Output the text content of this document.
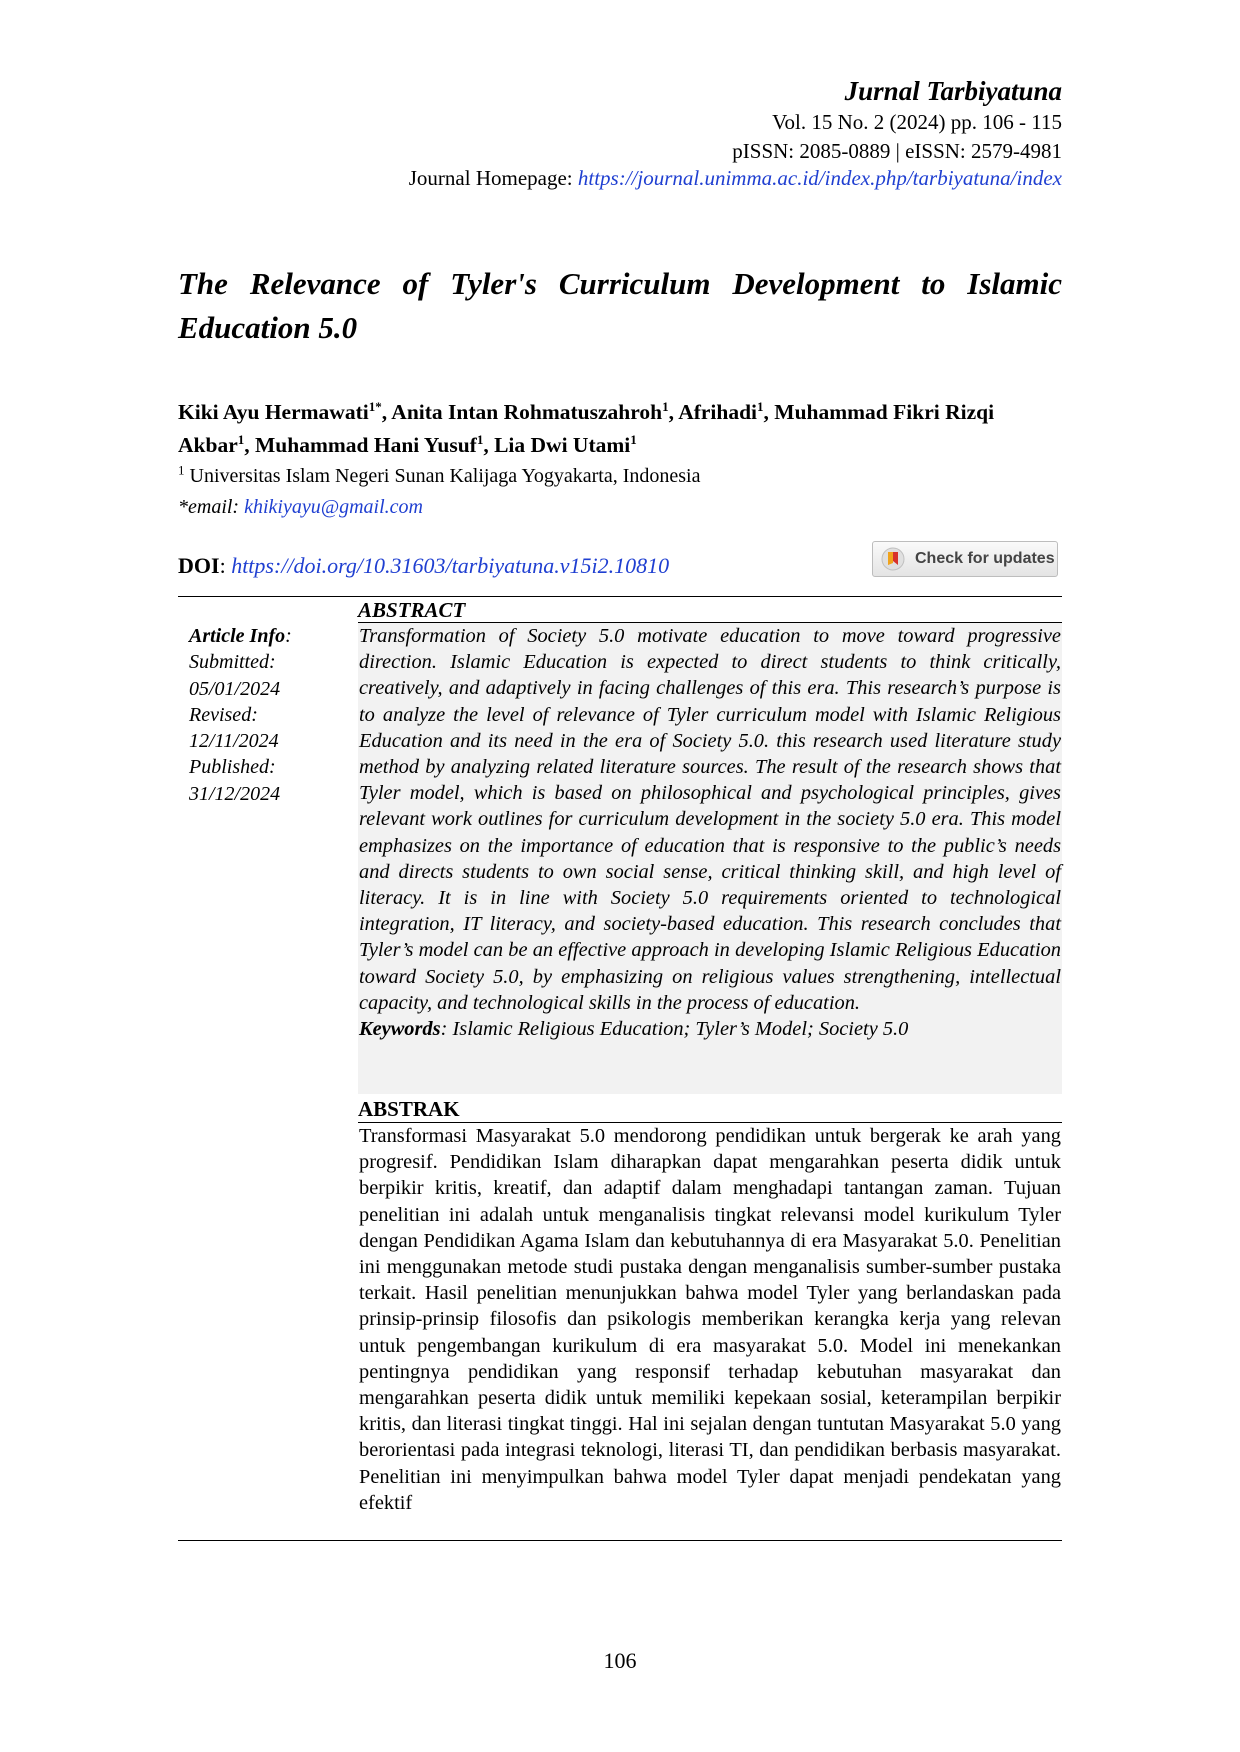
Jurnal Tarbiyatuna
Vol. 15 No. 2 (2024) pp. 106 - 115
pISSN: 2085-0889 | eISSN: 2579-4981
Journal Homepage: https://journal.unimma.ac.id/index.php/tarbiyatuna/index
The Relevance of Tyler's Curriculum Development to Islamic Education 5.0
Kiki Ayu Hermawati$^{1*}$, Anita Intan Rohmatuszahroh$^1$, Afrihadi$^1$, Muhammad Fikri Rizqi Akbar$^1$, Muhammad Hani Yusuf$^1$, Lia Dwi Utami$^1$
$^1$ Universitas Islam Negeri Sunan Kalijaga Yogyakarta, Indonesia
*email: khikiyayu@gmail.com
DOI: https://doi.org/10.31603/tarbiyatuna.v15i2.10810	Check for updates
Article Info:
Submitted:
05/01/2024
Revised:
12/11/2024
Published:
31/12/2024
ABSTRACT
Transformation of Society 5.0 motivate education to move toward progressive direction. Islamic Education is expected to direct students to think critically, creatively, and adaptively in facing challenges of this era. This research’s purpose is to analyze the level of relevance of Tyler curriculum model with Islamic Religious Education and its need in the era of Society 5.0. this research used literature study method by analyzing related literature sources. The result of the research shows that Tyler model, which is based on philosophical and psychological principles, gives relevant work outlines for curriculum development in the society 5.0 era. This model emphasizes on the importance of education that is responsive to the public’s needs and directs students to own social sense, critical thinking skill, and high level of literacy. It is in line with Society 5.0 requirements oriented to technological integration, IT literacy, and society-based education. This research concludes that Tyler’s model can be an effective approach in developing Islamic Religious Education toward Society 5.0, by emphasizing on religious values strengthening, intellectual capacity, and technological skills in the process of education.
Keywords: Islamic Religious Education; Tyler’s Model; Society 5.0
ABSTRAK
Transformasi Masyarakat 5.0 mendorong pendidikan untuk bergerak ke arah yang progresif. Pendidikan Islam diharapkan dapat mengarahkan peserta didik untuk berpikir kritis, kreatif, dan adaptif dalam menghadapi tantangan zaman. Tujuan penelitian ini adalah untuk menganalisis tingkat relevansi model kurikulum Tyler dengan Pendidikan Agama Islam dan kebutuhannya di era Masyarakat 5.0. Penelitian ini menggunakan metode studi pustaka dengan menganalisis sumber-sumber pustaka terkait. Hasil penelitian menunjukkan bahwa model Tyler yang berlandaskan pada prinsip-prinsip filosofis dan psikologis memberikan kerangka kerja yang relevan untuk pengembangan kurikulum di era masyarakat 5.0. Model ini menekankan pentingnya pendidikan yang responsif terhadap kebutuhan masyarakat dan mengarahkan peserta didik untuk memiliki kepekaan sosial, keterampilan berpikir kritis, dan literasi tingkat tinggi. Hal ini sejalan dengan tuntutan Masyarakat 5.0 yang berorientasi pada integrasi teknologi, literasi TI, dan pendidikan berbasis masyarakat. Penelitian ini menyimpulkan bahwa model Tyler dapat menjadi pendekatan yang efektif
106
